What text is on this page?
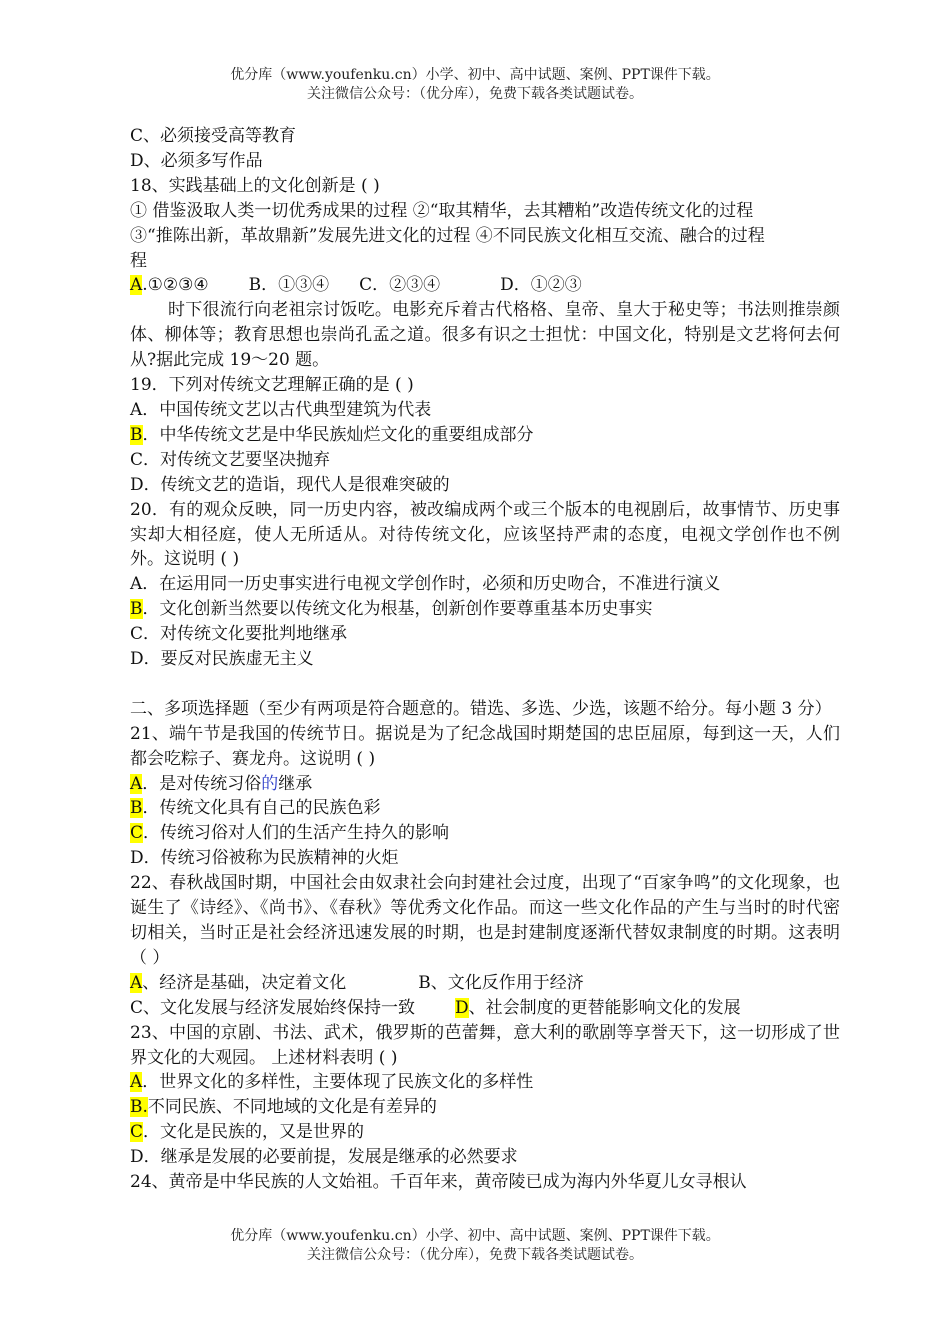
优分库（www.youfenku.cn）小学、初中、高中试题、案例、PPT课件下载。
关注微信公众号：（优分库），免费下载各类试题试卷。

C、必须接受高等教育

D、必须多写作品

18、实践基础上的文化创新是 ( )

① 借鉴汲取人类一切优秀成果的过程 ②“取其精华，去其糟粕”改造传统文化的过程

③“推陈出新，革故鼎新”发展先进文化的过程 ④不同民族文化相互交流、融合的过程

程

A.①②③④ B．①③④ C．②③④	D．①②③

时下很流行向老祖宗讨饭吃。电影充斥着古代格格、皇帝、皇大于秘史等；书法则推崇颜体、柳体等；教育思想也崇尚孔孟之道。很多有识之士担忧：中国文化，特别是文艺将何去何从?据此完成 19～20 题。

19．下列对传统文艺理解正确的是 ( )

A．中国传统文艺以古代典型建筑为代表

B．中华传统文艺是中华民族灿烂文化的重要组成部分

C．对传统文艺要坚决抛弃

D．传统文艺的造诣，现代人是很难突破的

20．有的观众反映，同一历史内容，被改编成两个或三个版本的电视剧后，故事情节、历史事实却大相径庭，使人无所适从。对待传统文化，应该坚持严肃的态度，电视文学创作也不例外。这说明 ( )

A．在运用同一历史事实进行电视文学创作时，必须和历史吻合，不准进行演义

B．文化创新当然要以传统文化为根基，创新创作要尊重基本历史事实

C．对传统文化要批判地继承

D．要反对民族虚无主义

二、多项选择题（至少有两项是符合题意的。错选、多选、少选，该题不给分。每小题 3 分）

21、端午节是我国的传统节日。据说是为了纪念战国时期楚国的忠臣屈原，每到这一天，人们都会吃粽子、赛龙舟。这说明 ( )

A．是对传统习俗的继承

B．传统文化具有自己的民族色彩

C．传统习俗对人们的生活产生持久的影响

D．传统习俗被称为民族精神的火炬

22、春秋战国时期，中国社会由奴隶社会向封建社会过度，出现了“百家争鸣”的文化现象，也诞生了《诗经》、《尚书》、《春秋》等优秀文化作品。而这一些文化作品的产生与当时的时代密切相关，当时正是社会经济迅速发展的时期，也是封建制度逐渐代替奴隶制度的时期。这表明（ ）

A、经济是基础，决定着文化	B、文化反作用于经济

C、文化发展与经济发展始终保持一致 D、社会制度的更替能影响文化的发展

23、中国的京剧、书法、武术，俄罗斯的芭蕾舞，意大利的歌剧等享誉天下，这一切形成了世界文化的大观园。 上述材料表明 ( )

A．世界文化的多样性，主要体现了民族文化的多样性

B.不同民族、不同地域的文化是有差异的

C．文化是民族的，又是世界的

D．继承是发展的必要前提，发展是继承的必然要求

24、黄帝是中华民族的人文始祖。千百年来，黄帝陵已成为海内外华夏儿女寻根认

优分库（www.youfenku.cn）小学、初中、高中试题、案例、PPT课件下载。
关注微信公众号：（优分库），免费下载各类试题试卷。
